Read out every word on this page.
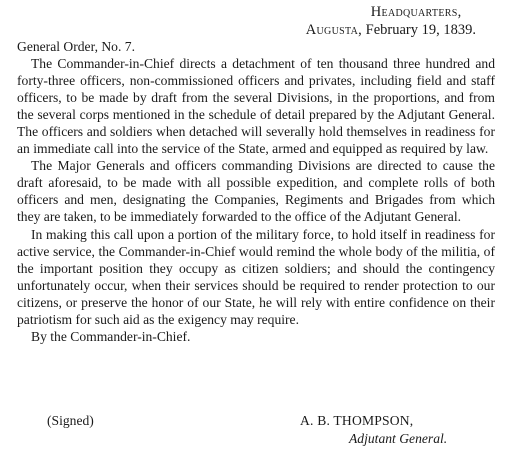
Headquarters,
Augusta, February 19, 1839.

General Order, No. 7.

The Commander-in-Chief directs a detachment of ten thousand three hundred and forty-three officers, non-commissioned officers and privates, including field and staff officers, to be made by draft from the several Divisions, in the proportions, and from the several corps mentioned in the schedule of detail prepared by the Adjutant General. The officers and soldiers when detached will severally hold themselves in readiness for an immediate call into the service of the State, armed and equipped as required by law.

The Major Generals and officers commanding Divisions are directed to cause the draft aforesaid, to be made with all possible expedition, and complete rolls of both officers and men, designating the Companies, Regiments and Brigades from which they are taken, to be immediately forwarded to the office of the Adjutant General.

In making this call upon a portion of the military force, to hold itself in readiness for active service, the Commander-in-Chief would remind the whole body of the militia, of the important position they occupy as citizen soldiers; and should the contingency unfortunately occur, when their services should be required to render protection to our citizens, or preserve the honor of our State, he will rely with entire confidence on their patriotism for such aid as the exigency may require.

By the Commander-in-Chief.

(Signed)	A. B. THOMPSON,
Adjutant General.
